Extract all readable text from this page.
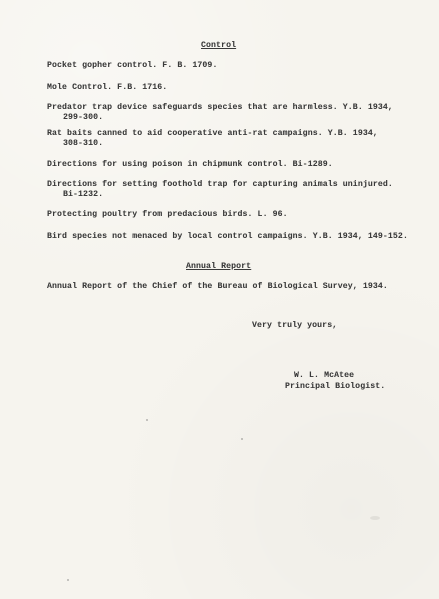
Control
Pocket gopher control. F. B. 1709.
Mole Control. F.B. 1716.
Predator trap device safeguards species that are harmless. Y.B. 1934,
299-300.
Rat baits canned to aid cooperative anti-rat campaigns. Y.B. 1934,
308-310.
Directions for using poison in chipmunk control. Bi-1289.
Directions for setting foothold trap for capturing animals uninjured.
Bi-1232.
Protecting poultry from predacious birds. L. 96.
Bird species not menaced by local control campaigns. Y.B. 1934, 149-152.
Annual Report
Annual Report of the Chief of the Bureau of Biological Survey, 1934.
Very truly yours,
W. L. McAtee
Principal Biologist.
